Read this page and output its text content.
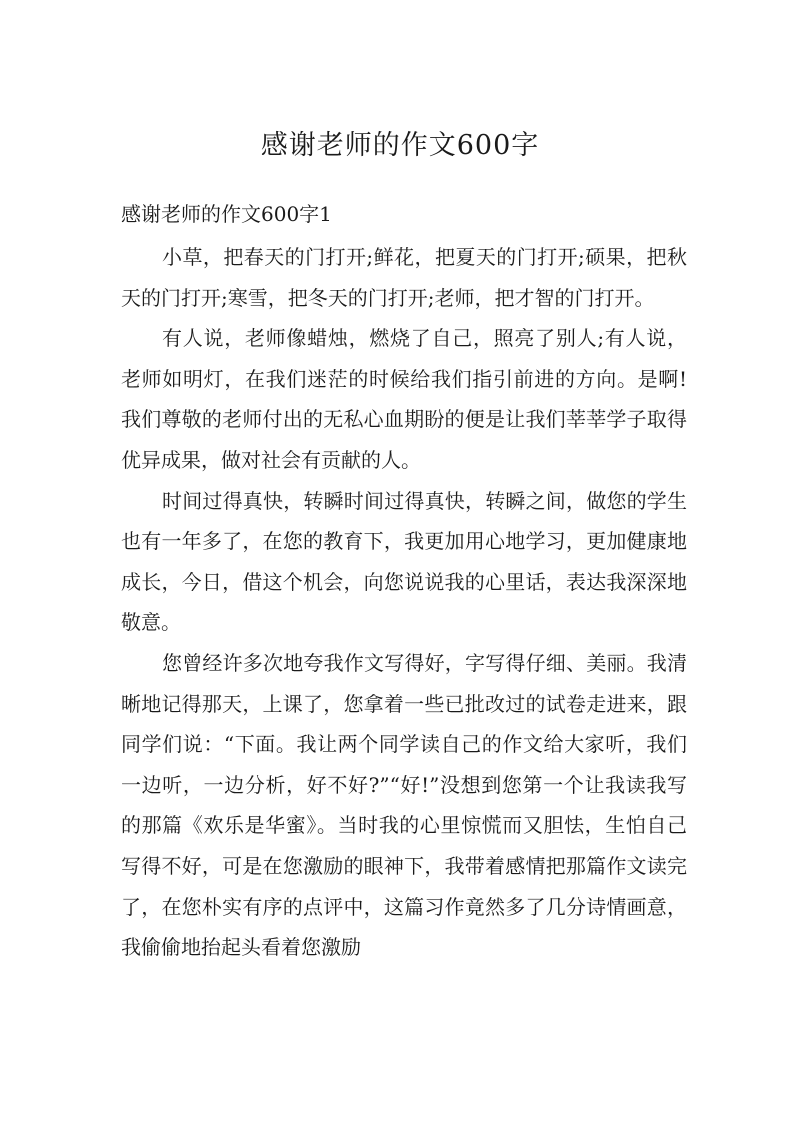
感谢老师的作文600字

感谢老师的作文600字1

小草，把春天的门打开;鲜花，把夏天的门打开;硕果，把秋天的门打开;寒雪，把冬天的门打开;老师，把才智的门打开。

有人说，老师像蜡烛，燃烧了自己，照亮了别人;有人说，老师如明灯，在我们迷茫的时候给我们指引前进的方向。是啊!我们尊敬的老师付出的无私心血期盼的便是让我们莘莘学子取得优异成果，做对社会有贡献的人。

时间过得真快，转瞬时间过得真快，转瞬之间，做您的学生也有一年多了，在您的教育下，我更加用心地学习，更加健康地成长，今日，借这个机会，向您说说我的心里话，表达我深深地敬意。

您曾经许多次地夸我作文写得好，字写得仔细、美丽。我清晰地记得那天，上课了，您拿着一些已批改过的试卷走进来，跟同学们说：“下面。我让两个同学读自己的作文给大家听，我们一边听，一边分析，好不好?”“好!”没想到您第一个让我读我写的那篇《欢乐是华蜜》。当时我的心里惊慌而又胆怯，生怕自己写得不好，可是在您激励的眼神下，我带着感情把那篇作文读完了，在您朴实有序的点评中，这篇习作竟然多了几分诗情画意，我偷偷地抬起头看着您激励
